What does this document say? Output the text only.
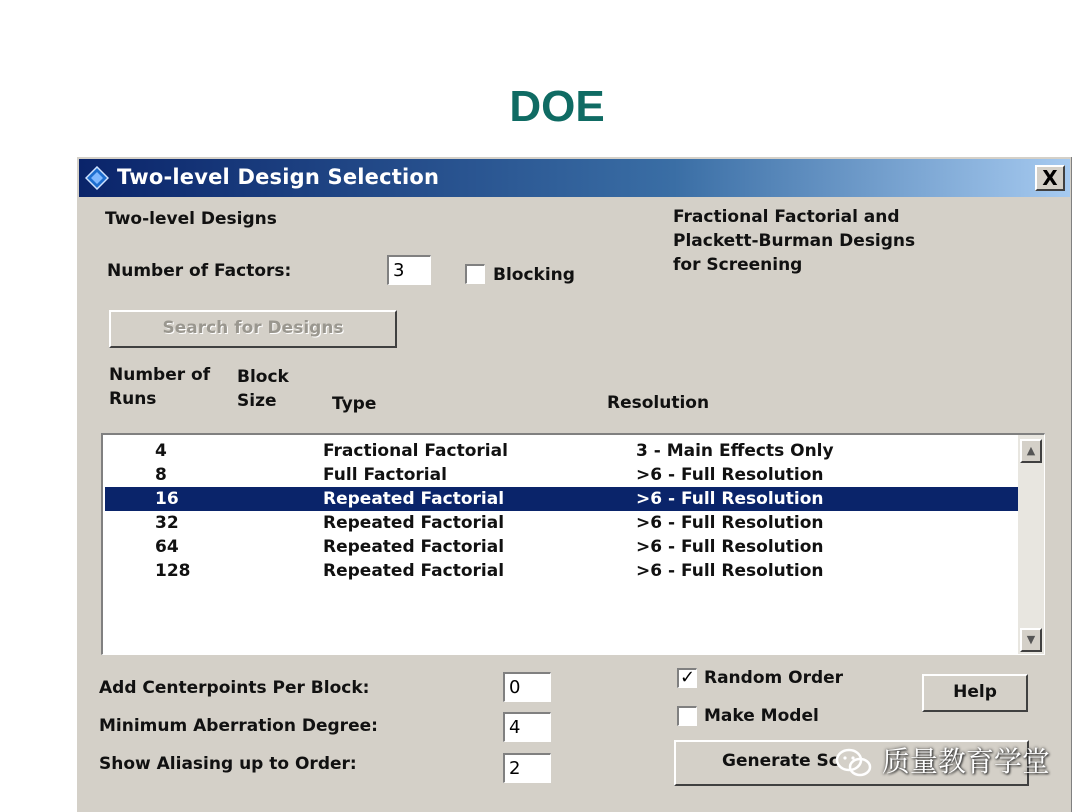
DOE
Two-level Design Selection	X
Two-level Designs	Fractional Factorial and
Plackett-Burman Designs
for Screening
Number of Factors:	3	Blocking
Search for Designs
Number of
Runs
Block
Size	Type	Resolution
4	Fractional Factorial	3 - Main Effects Only
8	Full Factorial	>6 - Full Resolution
16	Repeated Factorial	>6 - Full Resolution
32	Repeated Factorial	>6 - Full Resolution
64	Repeated Factorial	>6 - Full Resolution
128	Repeated Factorial	>6 - Full Resolution
▲
▼
Add Centerpoints Per Block:	0
Minimum Aberration Degree:	4
Show Aliasing up to Order:	2
✓ Random Order
Make Model
Help
Generate Sc	质量教育学堂
